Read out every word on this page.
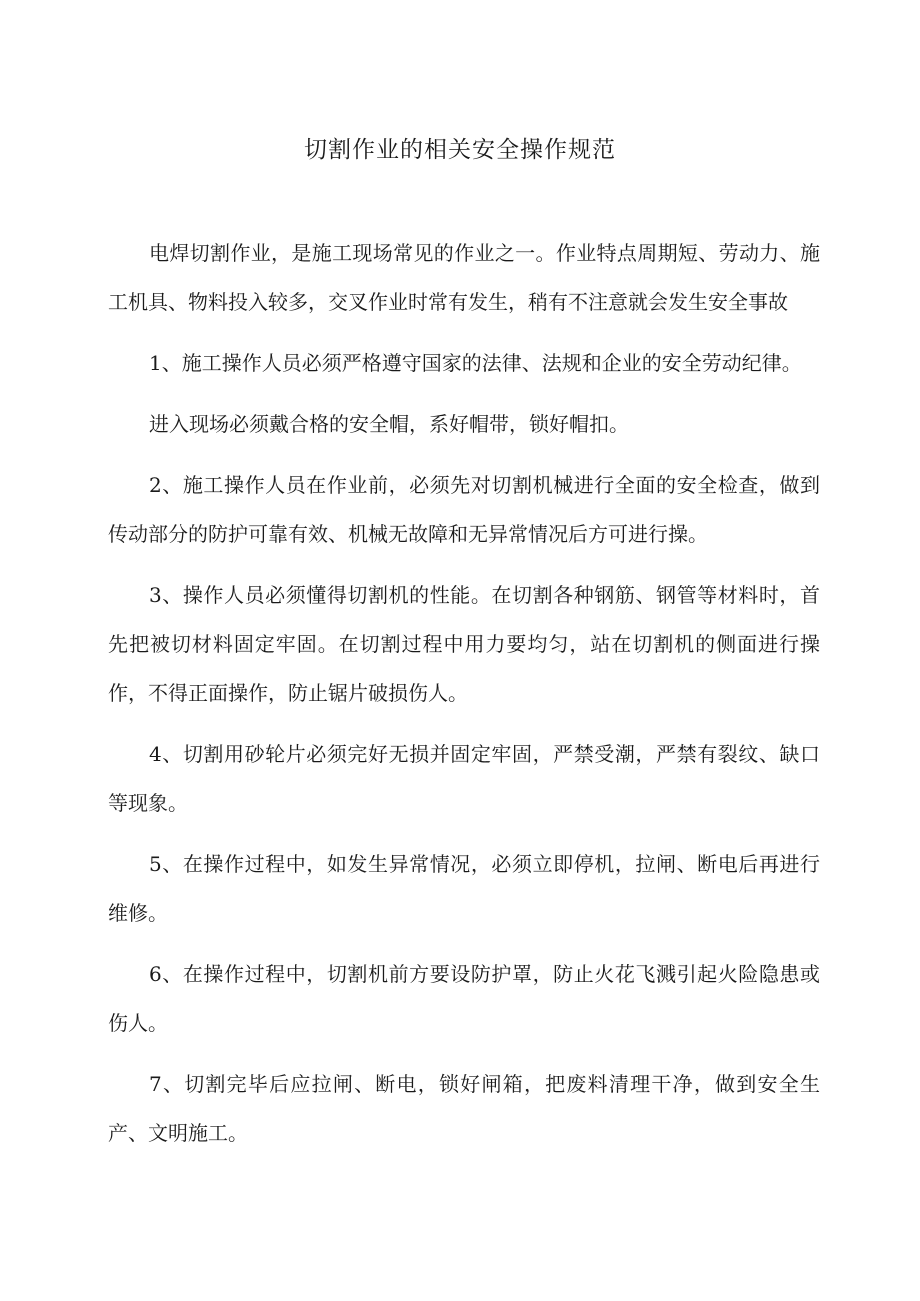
切割作业的相关安全操作规范

电焊切割作业，是施工现场常见的作业之一。作业特点周期短、劳动力、施工机具、物料投入较多，交叉作业时常有发生，稍有不注意就会发生安全事故

1、施工操作人员必须严格遵守国家的法律、法规和企业的安全劳动纪律。

进入现场必须戴合格的安全帽，系好帽带，锁好帽扣。

2、施工操作人员在作业前，必须先对切割机械进行全面的安全检查，做到传动部分的防护可靠有效、机械无故障和无异常情况后方可进行操。

3、操作人员必须懂得切割机的性能。在切割各种钢筋、钢管等材料时，首先把被切材料固定牢固。在切割过程中用力要均匀，站在切割机的侧面进行操作，不得正面操作，防止锯片破损伤人。

4、切割用砂轮片必须完好无损并固定牢固，严禁受潮，严禁有裂纹、缺口等现象。

5、在操作过程中，如发生异常情况，必须立即停机，拉闸、断电后再进行维修。

6、在操作过程中，切割机前方要设防护罩，防止火花飞溅引起火险隐患或伤人。

7、切割完毕后应拉闸、断电，锁好闸箱，把废料清理干净，做到安全生产、文明施工。
